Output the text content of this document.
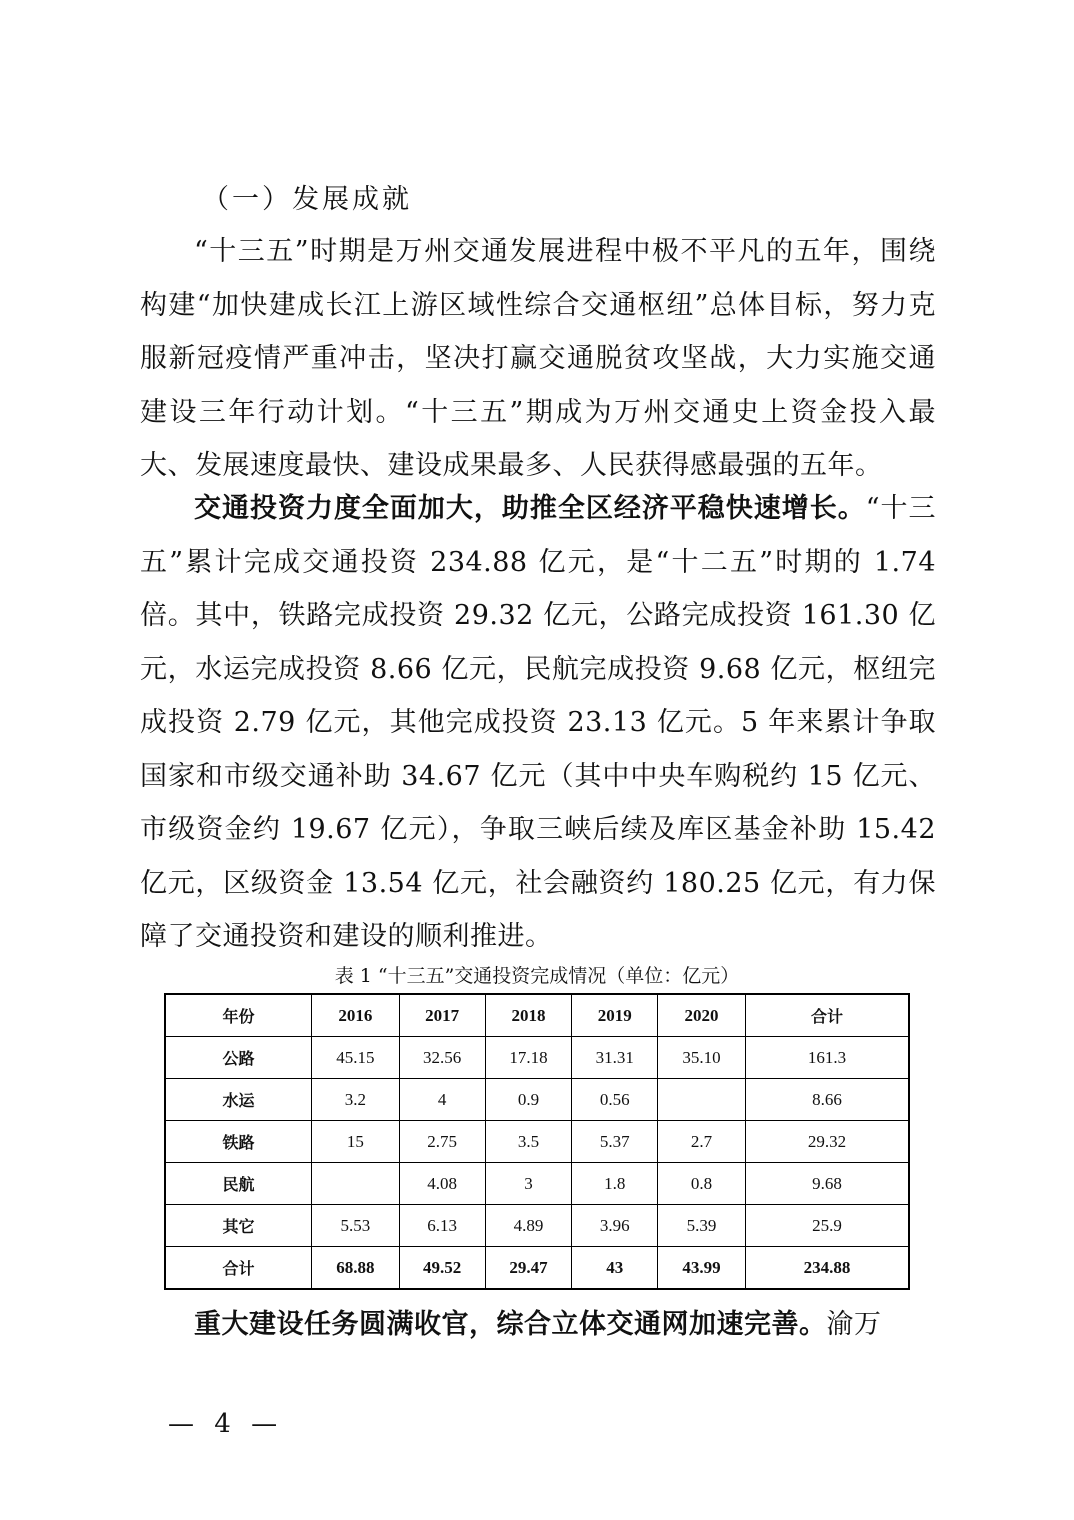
（一）发展成就

“十三五”时期是万州交通发展进程中极不平凡的五年，围绕构建“加快建成长江上游区域性综合交通枢纽”总体目标，努力克服新冠疫情严重冲击，坚决打赢交通脱贫攻坚战，大力实施交通建设三年行动计划。“十三五”期成为万州交通史上资金投入最大、发展速度最快、建设成果最多、人民获得感最强的五年。

交通投资力度全面加大，助推全区经济平稳快速增长。“十三五”累计完成交通投资 234.88 亿元，是“十二五”时期的 1.74 倍。其中，铁路完成投资 29.32 亿元，公路完成投资 161.30 亿元，水运完成投资 8.66 亿元，民航完成投资 9.68 亿元，枢纽完成投资 2.79 亿元，其他完成投资 23.13 亿元。5 年来累计争取国家和市级交通补助 34.67 亿元（其中中央车购税约 15 亿元、市级资金约 19.67 亿元），争取三峡后续及库区基金补助 15.42 亿元，区级资金 13.54 亿元，社会融资约 180.25 亿元，有力保障了交通投资和建设的顺利推进。

表 1 “十三五”交通投资完成情况（单位：亿元）
年份	2016	2017	2018	2019	2020	合计
公路	45.15	32.56	17.18	31.31	35.10	161.3
水运	3.2	4	0.9	0.56		8.66
铁路	15	2.75	3.5	5.37	2.7	29.32
民航		4.08	3	1.8	0.8	9.68
其它	5.53	6.13	4.89	3.96	5.39	25.9
合计	68.88	49.52	29.47	43	43.99	234.88

重大建设任务圆满收官，综合立体交通网加速完善。渝万

— 4 —
